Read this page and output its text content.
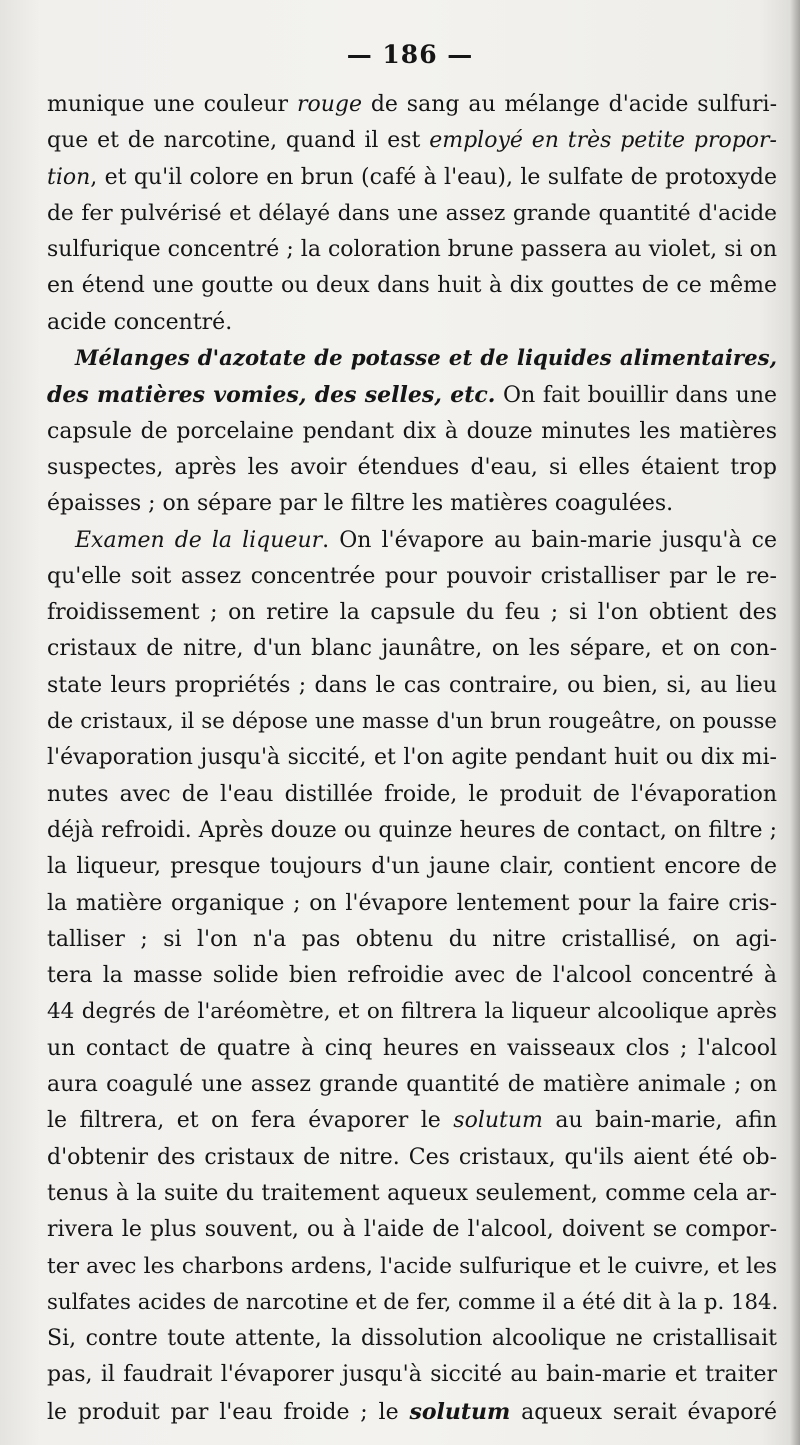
— 186 —
munique une couleur rouge de sang au mélange d'acide sulfuri-
que et de narcotine, quand il est employé en très petite propor-
tion, et qu'il colore en brun (café à l'eau), le sulfate de protoxyde
de fer pulvérisé et délayé dans une assez grande quantité d'acide
sulfurique concentré ; la coloration brune passera au violet, si on
en étend une goutte ou deux dans huit à dix gouttes de ce même
acide concentré.
Mélanges d'azotate de potasse et de liquides alimentaires,
des matières vomies, des selles, etc. On fait bouillir dans une
capsule de porcelaine pendant dix à douze minutes les matières
suspectes, après les avoir étendues d'eau, si elles étaient trop
épaisses ; on sépare par le filtre les matières coagulées.
Examen de la liqueur. On l'évapore au bain-marie jusqu'à ce
qu'elle soit assez concentrée pour pouvoir cristalliser par le re-
froidissement ; on retire la capsule du feu ; si l'on obtient des
cristaux de nitre, d'un blanc jaunâtre, on les sépare, et on con-
state leurs propriétés ; dans le cas contraire, ou bien, si, au lieu
de cristaux, il se dépose une masse d'un brun rougeâtre, on pousse
l'évaporation jusqu'à siccité, et l'on agite pendant huit ou dix mi-
nutes avec de l'eau distillée froide, le produit de l'évaporation
déjà refroidi. Après douze ou quinze heures de contact, on filtre ;
la liqueur, presque toujours d'un jaune clair, contient encore de
la matière organique ; on l'évapore lentement pour la faire cris-
talliser ; si l'on n'a pas obtenu du nitre cristallisé, on agi-
tera la masse solide bien refroidie avec de l'alcool concentré à
44 degrés de l'aréomètre, et on filtrera la liqueur alcoolique après
un contact de quatre à cinq heures en vaisseaux clos ; l'alcool
aura coagulé une assez grande quantité de matière animale ; on
le filtrera, et on fera évaporer le solutum au bain-marie, afin
d'obtenir des cristaux de nitre. Ces cristaux, qu'ils aient été ob-
tenus à la suite du traitement aqueux seulement, comme cela ar-
rivera le plus souvent, ou à l'aide de l'alcool, doivent se compor-
ter avec les charbons ardens, l'acide sulfurique et le cuivre, et les
sulfates acides de narcotine et de fer, comme il a été dit à la p. 184.
Si, contre toute attente, la dissolution alcoolique ne cristallisait
pas, il faudrait l'évaporer jusqu'à siccité au bain-marie et traiter
le produit par l'eau froide ; le solutum aqueux serait évaporé
